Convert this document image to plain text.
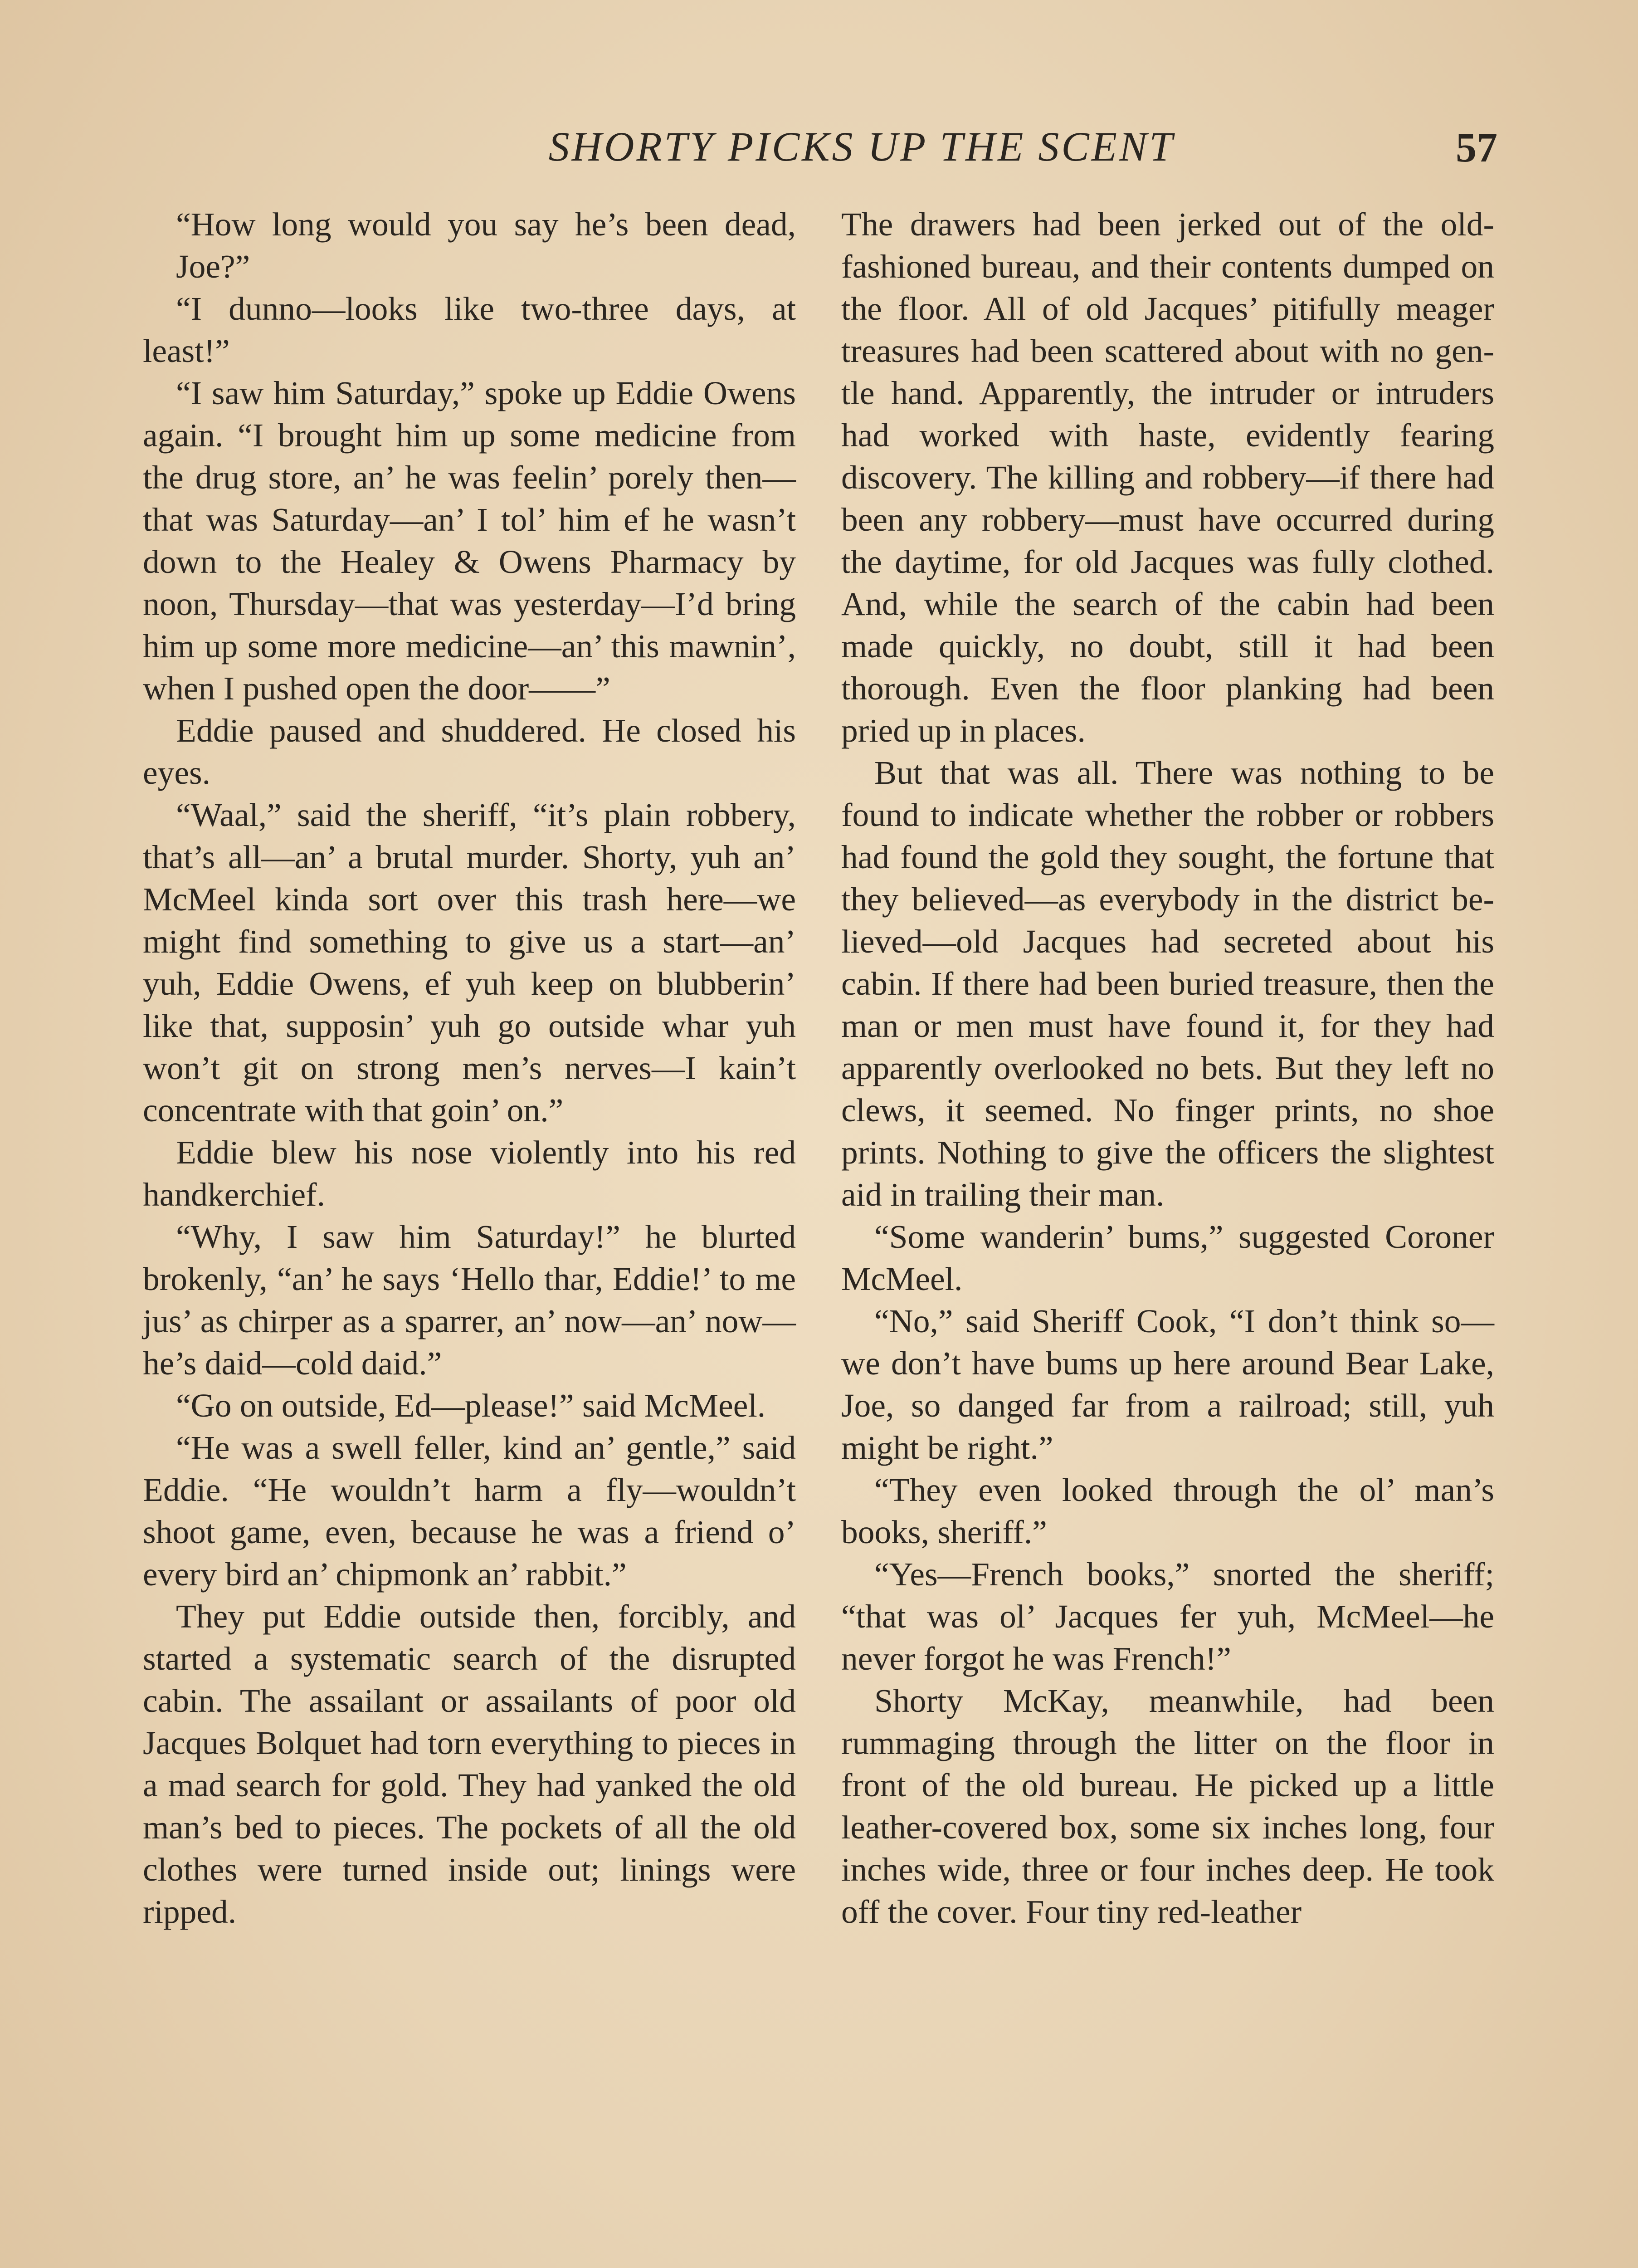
SHORTY PICKS UP THE SCENT	57

“How long would you say he’s been dead, Joe?”

“I dunno—looks like two-three days, at least!”

“I saw him Saturday,” spoke up Eddie Owens again. “I brought him up some medicine from the drug store, an’ he was feelin’ porely then—that was Saturday—an’ I tol’ him ef he wasn’t down to the Healey & Owens Pharmacy by noon, Thursday—that was yesterday—I’d bring him up some more medicine—an’ this mawnin’, when I pushed open the door——”

Eddie paused and shuddered. He closed his eyes.

“Waal,” said the sheriff, “it’s plain robbery, that’s all—an’ a brutal murder. Shorty, yuh an’ McMeel kinda sort over this trash here—we might find something to give us a start—an’ yuh, Eddie Owens, ef yuh keep on blubberin’ like that, supposin’ yuh go outside whar yuh won’t git on strong men’s nerves—I kain’t concentrate with that goin’ on.”

Eddie blew his nose violently into his red handkerchief.

“Why, I saw him Saturday!” he blurted brokenly, “an’ he says ‘Hello thar, Eddie!’ to me jus’ as chirper as a sparrer, an’ now—an’ now—he’s daid—cold daid.”

“Go on outside, Ed—please!” said McMeel.

“He was a swell feller, kind an’ gentle,” said Eddie. “He wouldn’t harm a fly—wouldn’t shoot game, even, because he was a friend o’ every bird an’ chipmonk an’ rabbit.”

They put Eddie outside then, forcibly, and started a systematic search of the disrupted cabin. The assailant or assailants of poor old Jacques Bolquet had torn everything to pieces in a mad search for gold. They had yanked the old man’s bed to pieces. The pockets of all the old clothes were turned inside out; linings were ripped.

The drawers had been jerked out of the old-fashioned bureau, and their contents dumped on the floor. All of old Jacques’ pitifully meager treasures had been scattered about with no gentle hand. Apparently, the intruder or intruders had worked with haste, evidently fearing discovery. The killing and robbery—if there had been any robbery—must have occurred during the daytime, for old Jacques was fully clothed. And, while the search of the cabin had been made quickly, no doubt, still it had been thorough. Even the floor planking had been pried up in places.

But that was all. There was nothing to be found to indicate whether the robber or robbers had found the gold they sought, the fortune that they believed—as everybody in the district believed—old Jacques had secreted about his cabin. If there had been buried treasure, then the man or men must have found it, for they had apparently overlooked no bets. But they left no clews, it seemed. No finger prints, no shoe prints. Nothing to give the officers the slightest aid in trailing their man.

“Some wanderin’ bums,” suggested Coroner McMeel.

“No,” said Sheriff Cook, “I don’t think so—we don’t have bums up here around Bear Lake, Joe, so danged far from a railroad; still, yuh might be right.”

“They even looked through the ol’ man’s books, sheriff.”

“Yes—French books,” snorted the sheriff; “that was ol’ Jacques fer yuh, McMeel—he never forgot he was French!”

Shorty McKay, meanwhile, had been rummaging through the litter on the floor in front of the old bureau. He picked up a little leather-covered box, some six inches long, four inches wide, three or four inches deep. He took off the cover. Four tiny red-leather
